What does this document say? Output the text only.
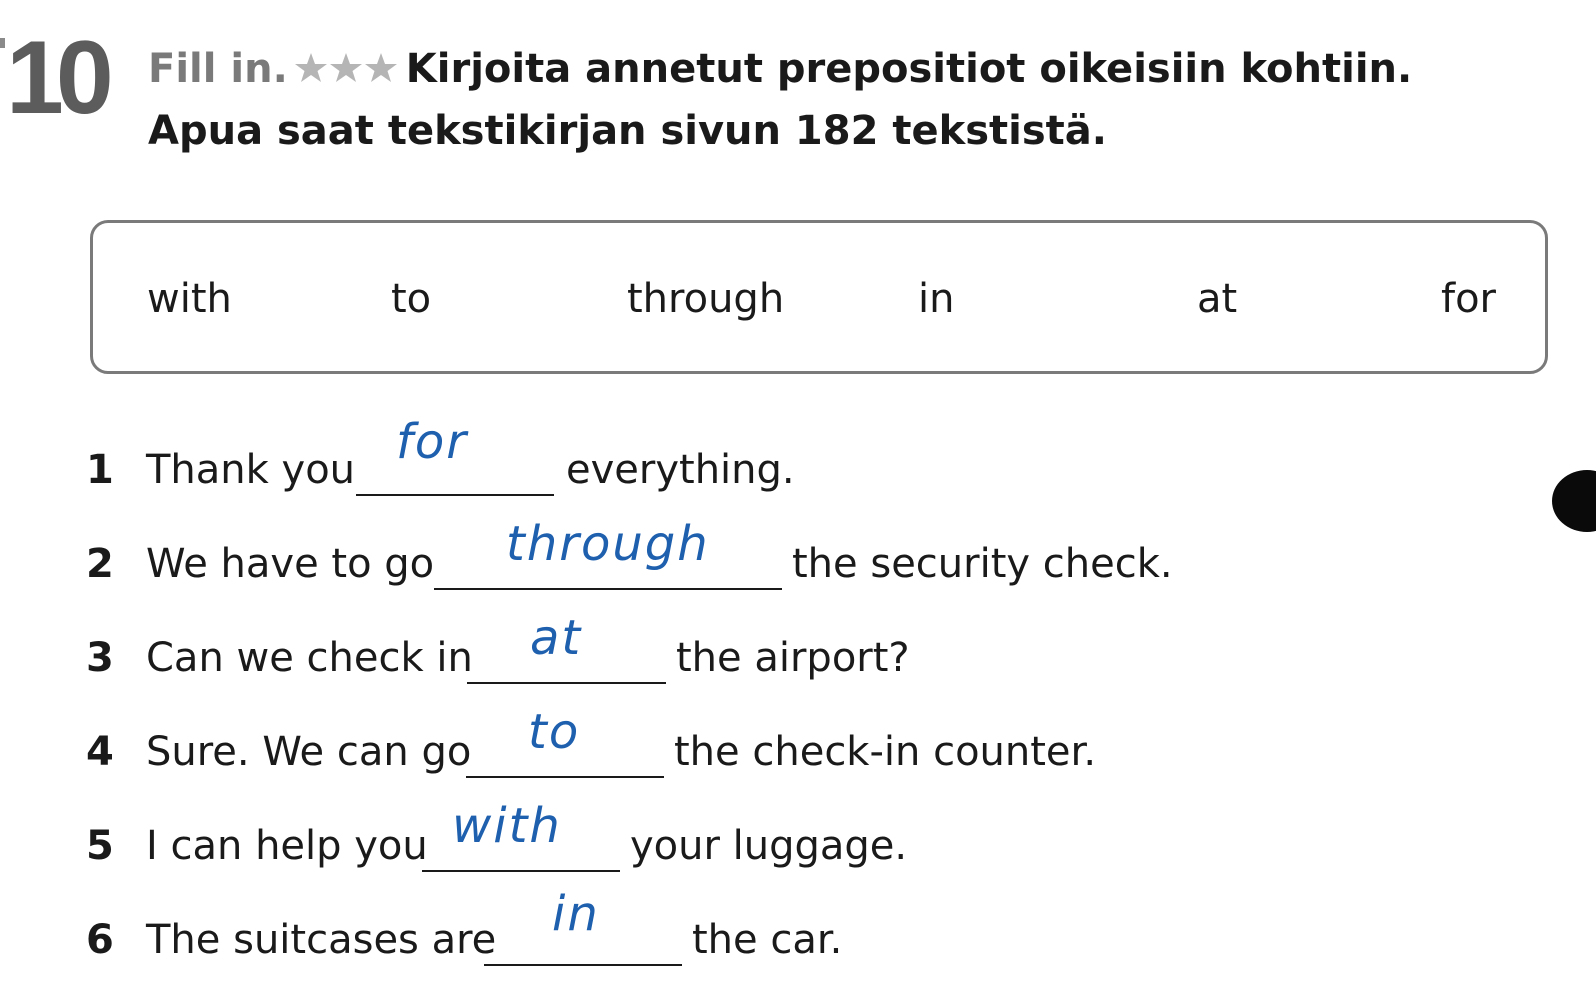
10 Fill in.	Kirjoita annetut prepositiot oikeisiin kohtiin.
Apua saat tekstikirjan sivun 182 tekstistä.
with	to	through	in	at	for
1 Thank you for everything.
2 We have to go through the security check.
3 Can we check in at the airport?
4 Sure. We can go to the check-in counter.
5 I can help you with your luggage.
6 The suitcases are in the car.
